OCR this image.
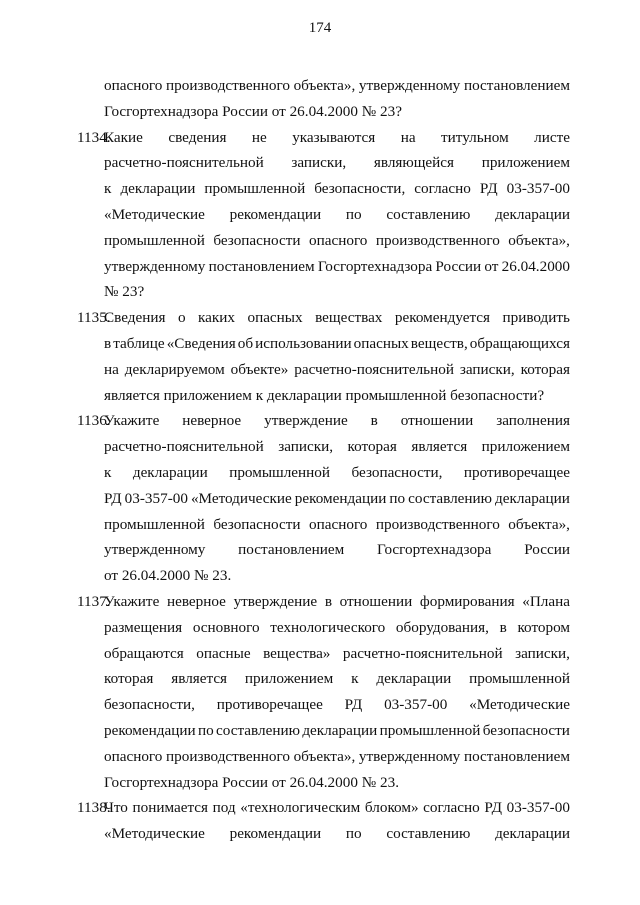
174
опасного производственного объекта», утвержденному постановлением
Госгортехнадзора России от 26.04.2000 № 23?
1134.
Какие сведения не указываются на титульном листе
расчетно-пояснительной записки, являющейся приложением
к декларации промышленной безопасности, согласно РД 03-357-00
«Методические рекомендации по составлению декларации
промышленной безопасности опасного производственного объекта»,
утвержденному постановлением Госгортехнадзора России от 26.04.2000
№ 23?
1135.
Сведения о каких опасных веществах рекомендуется приводить
в таблице «Сведения об использовании опасных веществ, обращающихся
на декларируемом объекте» расчетно-пояснительной записки, которая
является приложением к декларации промышленной безопасности?
1136.
Укажите неверное утверждение в отношении заполнения
расчетно-пояснительной записки, которая является приложением
к декларации промышленной безопасности, противоречащее
РД 03-357-00 «Методические рекомендации по составлению декларации
промышленной безопасности опасного производственного объекта»,
утвержденному постановлением Госгортехнадзора России
от 26.04.2000 № 23.
1137.
Укажите неверное утверждение в отношении формирования «Плана
размещения основного технологического оборудования, в котором
обращаются опасные вещества» расчетно-пояснительной записки,
которая является приложением к декларации промышленной
безопасности, противоречащее РД 03-357-00 «Методические
рекомендации по составлению декларации промышленной безопасности
опасного производственного объекта», утвержденному постановлением
Госгортехнадзора России от 26.04.2000 № 23.
1138.
Что понимается под «технологическим блоком» согласно РД 03-357-00
«Методические рекомендации по составлению декларации
